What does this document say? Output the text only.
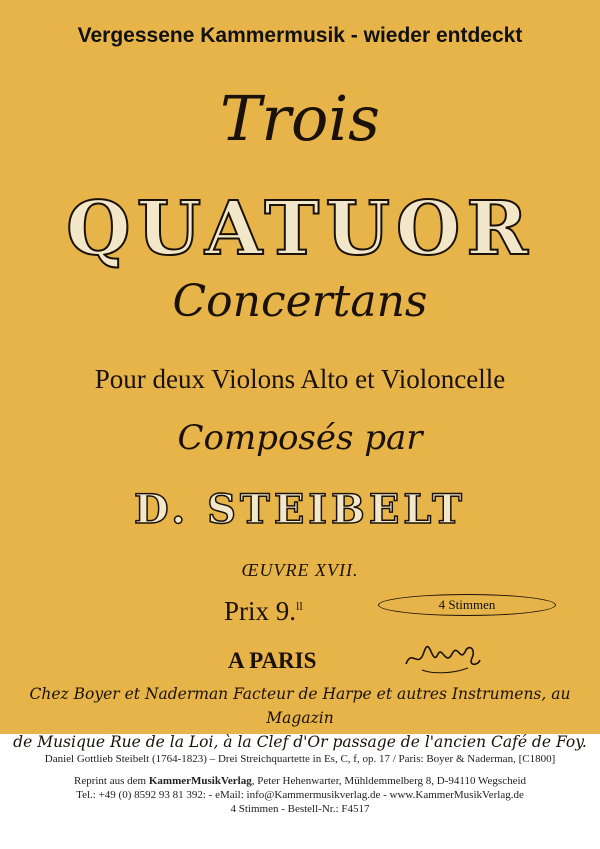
Vergessene Kammermusik - wieder entdeckt
Trois
QUATUOR
Concertans
Pour deux Violons Alto et Violoncelle
Composés par
D. STEIBELT
ŒUVRE XVII.
Prix 9.$^{ll}$	4 Stimmen
A PARIS
Chez Boyer et Naderman Facteur de Harpe et autres Instrumens, au Magazin
de Musique Rue de la Loi, à la Clef d'Or passage de l'ancien Café de Foy.
Daniel Gottlieb Steibelt (1764-1823) – Drei Streichquartette in Es, C, f, op. 17 / Paris: Boyer & Naderman, [C1800]
Reprint aus dem KammerMusikVerlag, Peter Hehenwarter, Mühldemmelberg 8, D-94110 Wegscheid
Tel.: +49 (0) 8592 93 81 392: - eMail: info@Kammermusikverlag.de - www.KammerMusikVerlag.de
4 Stimmen - Bestell-Nr.: F4517
